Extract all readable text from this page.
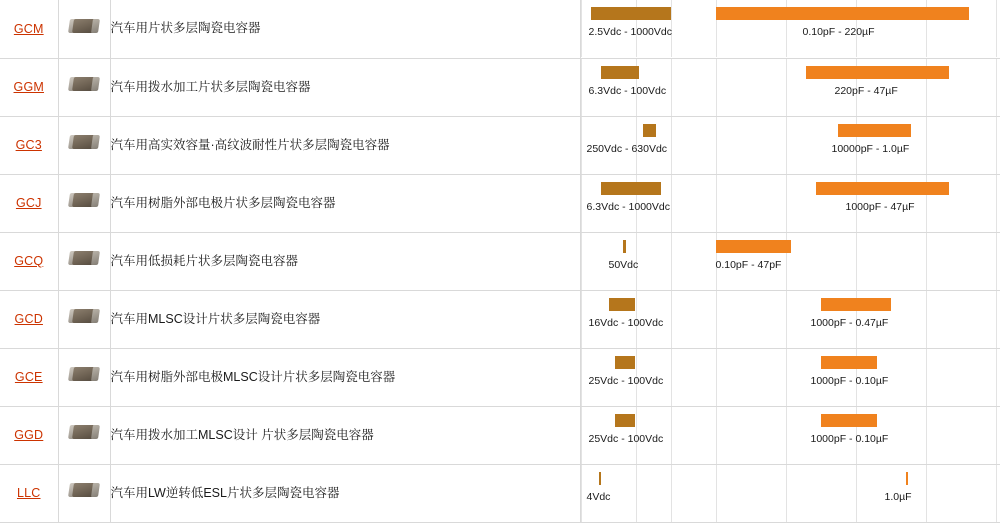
GCM		汽车用片状多层陶瓷电容器	2.5Vdc - 1000Vdc 0.10pF - 220µF

GGM		汽车用拨水加工片状多层陶瓷电容器	6.3Vdc - 100Vdc 220pF - 47µF

GC3		汽车用高实效容量·高纹波耐性片状多层陶瓷电容器	250Vdc - 630Vdc 10000pF - 1.0µF

GCJ		汽车用树脂外部电极片状多层陶瓷电容器	6.3Vdc - 1000Vdc 1000pF - 47µF

GCQ		汽车用低损耗片状多层陶瓷电容器	50Vdc 0.10pF - 47pF

GCD		汽车用MLSC设计片状多层陶瓷电容器	16Vdc - 100Vdc 1000pF - 0.47µF

GCE		汽车用树脂外部电极MLSC设计片状多层陶瓷电容器	25Vdc - 100Vdc 1000pF - 0.10µF

GGD		汽车用拨水加工MLSC设计 片状多层陶瓷电容器	25Vdc - 100Vdc 1000pF - 0.10µF

LLC		汽车用LW逆转低ESL片状多层陶瓷电容器	4Vdc 1.0µF
